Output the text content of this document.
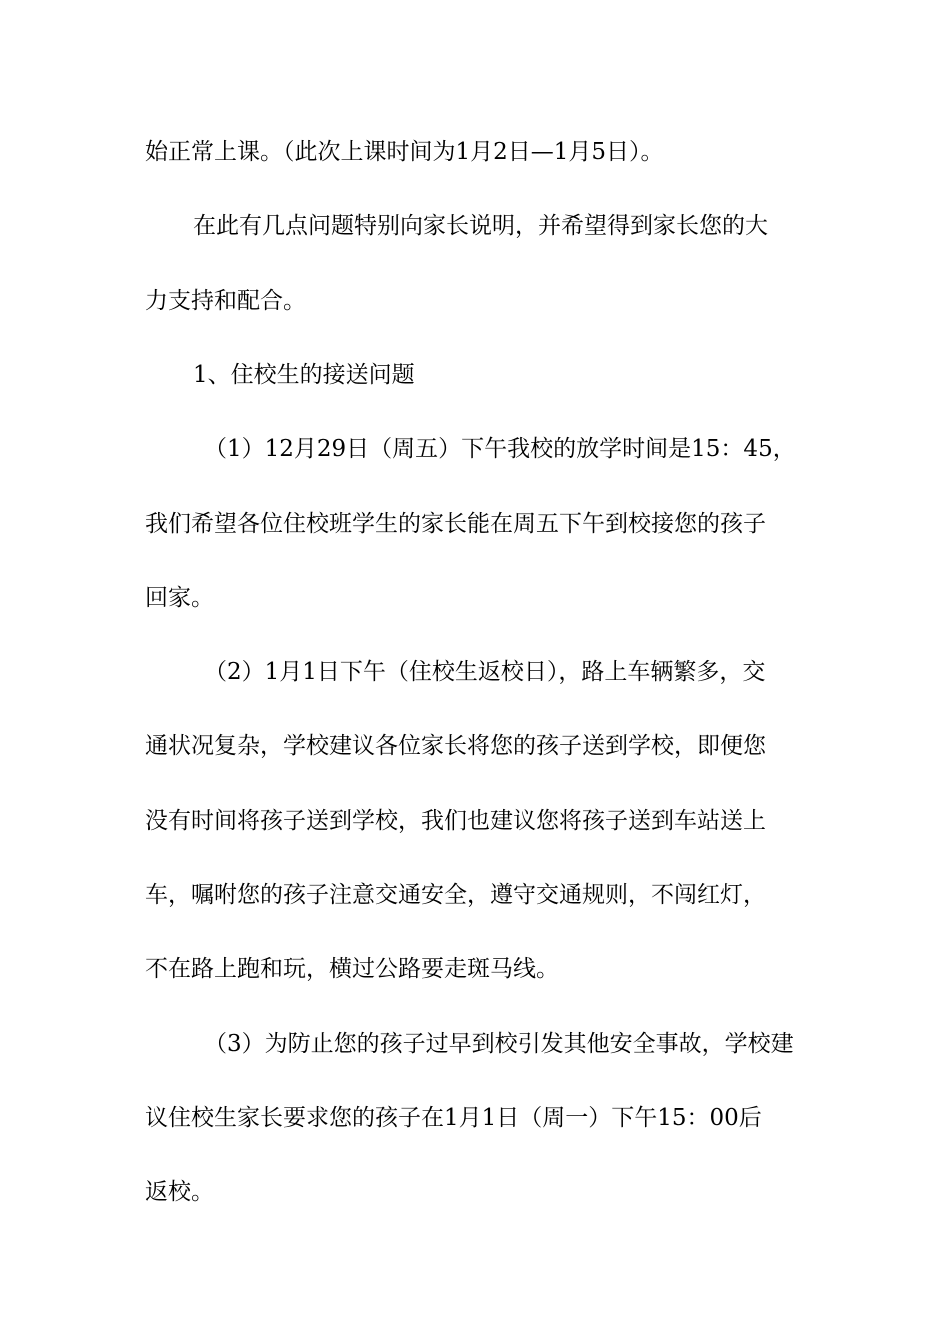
始正常上课。（此次上课时间为1月2日—1月5日）。
在此有几点问题特别向家长说明，并希望得到家长您的大
力支持和配合。
1、住校生的接送问题
（1）12月29日（周五）下午我校的放学时间是15：45，
我们希望各位住校班学生的家长能在周五下午到校接您的孩子
回家。
（2）1月1日下午（住校生返校日），路上车辆繁多，交
通状况复杂，学校建议各位家长将您的孩子送到学校，即便您
没有时间将孩子送到学校，我们也建议您将孩子送到车站送上
车，嘱咐您的孩子注意交通安全，遵守交通规则，不闯红灯，
不在路上跑和玩，横过公路要走斑马线。
（3）为防止您的孩子过早到校引发其他安全事故，学校建
议住校生家长要求您的孩子在1月1日（周一）下午15：00后
返校。
